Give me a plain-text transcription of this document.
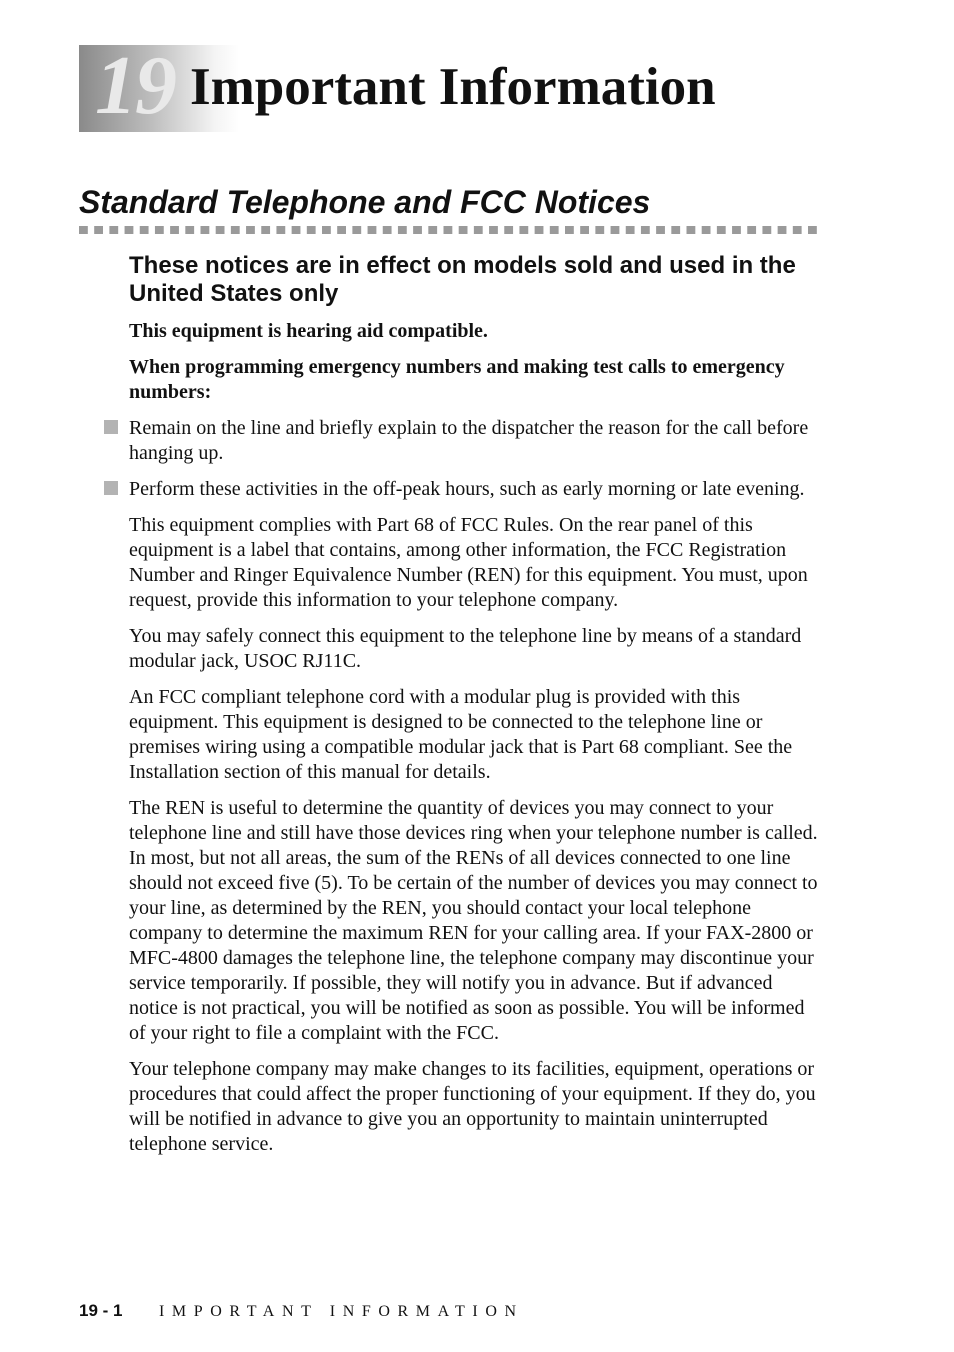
19 Important Information
Standard Telephone and FCC Notices
These notices are in effect on models sold and used in the United States only

This equipment is hearing aid compatible.

When programming emergency numbers and making test calls to emergency numbers:

Remain on the line and briefly explain to the dispatcher the reason for the call before hanging up.
Perform these activities in the off-peak hours, such as early morning or late evening.

This equipment complies with Part 68 of FCC Rules. On the rear panel of this equipment is a label that contains, among other information, the FCC Registration Number and Ringer Equivalence Number (REN) for this equipment. You must, upon request, provide this information to your telephone company.

You may safely connect this equipment to the telephone line by means of a standard modular jack, USOC RJ11C.

An FCC compliant telephone cord with a modular plug is provided with this equipment. This equipment is designed to be connected to the telephone line or premises wiring using a compatible modular jack that is Part 68 compliant. See the Installation section of this manual for details.

The REN is useful to determine the quantity of devices you may connect to your telephone line and still have those devices ring when your telephone number is called. In most, but not all areas, the sum of the RENs of all devices connected to one line should not exceed five (5). To be certain of the number of devices you may connect to your line, as determined by the REN, you should contact your local telephone company to determine the maximum REN for your calling area. If your FAX-2800 or MFC-4800 damages the telephone line, the telephone company may discontinue your service temporarily. If possible, they will notify you in advance. But if advanced notice is not practical, you will be notified as soon as possible. You will be informed of your right to file a complaint with the FCC.

Your telephone company may make changes to its facilities, equipment, operations or procedures that could affect the proper functioning of your equipment. If they do, you will be notified in advance to give you an opportunity to maintain uninterrupted telephone service.

19 - 1 IMPORTANT INFORMATION
